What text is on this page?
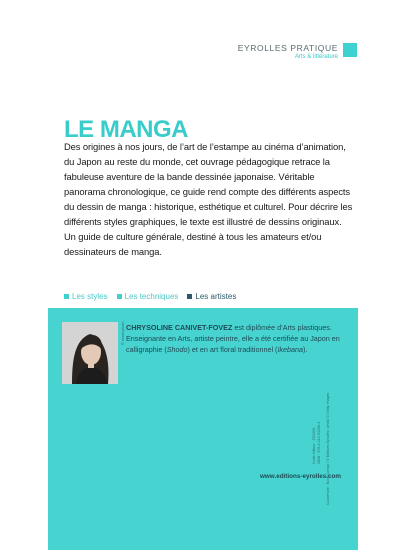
EYROLLES PRATIQUE
Arts & littérature
LE MANGA

Des origines à nos jours, de l’art de l’estampe au cinéma d’animation, du Japon au reste du monde, cet ouvrage pédagogique retrace la fabuleuse aventure de la bande dessinée japonaise. Véritable panorama chronologique, ce guide rend compte des différents aspects du dessin de manga : historique, esthétique et culturel. Pour décrire les différents styles graphiques, le texte est illustré de dessins originaux. Un guide de culture générale, destiné à tous les amateurs et/ou dessinateurs de manga.

Les styles Les techniques Les artistes
© www.photo CHRYSOLINE CANIVET-FOVEZ est diplômée d’Arts plastiques. Enseignante en Arts, artiste peintre, elle a été certifiée au Japon en calligraphie (Shodo) et en art floral traditionnel (Ikebana).

Code éditeur : G54266 ISBN : 978-2-212-54266-1 Couverture : Nord Compo / © Éditions Eyrolles / photo © Getty Images
www.editions-eyrolles.com
